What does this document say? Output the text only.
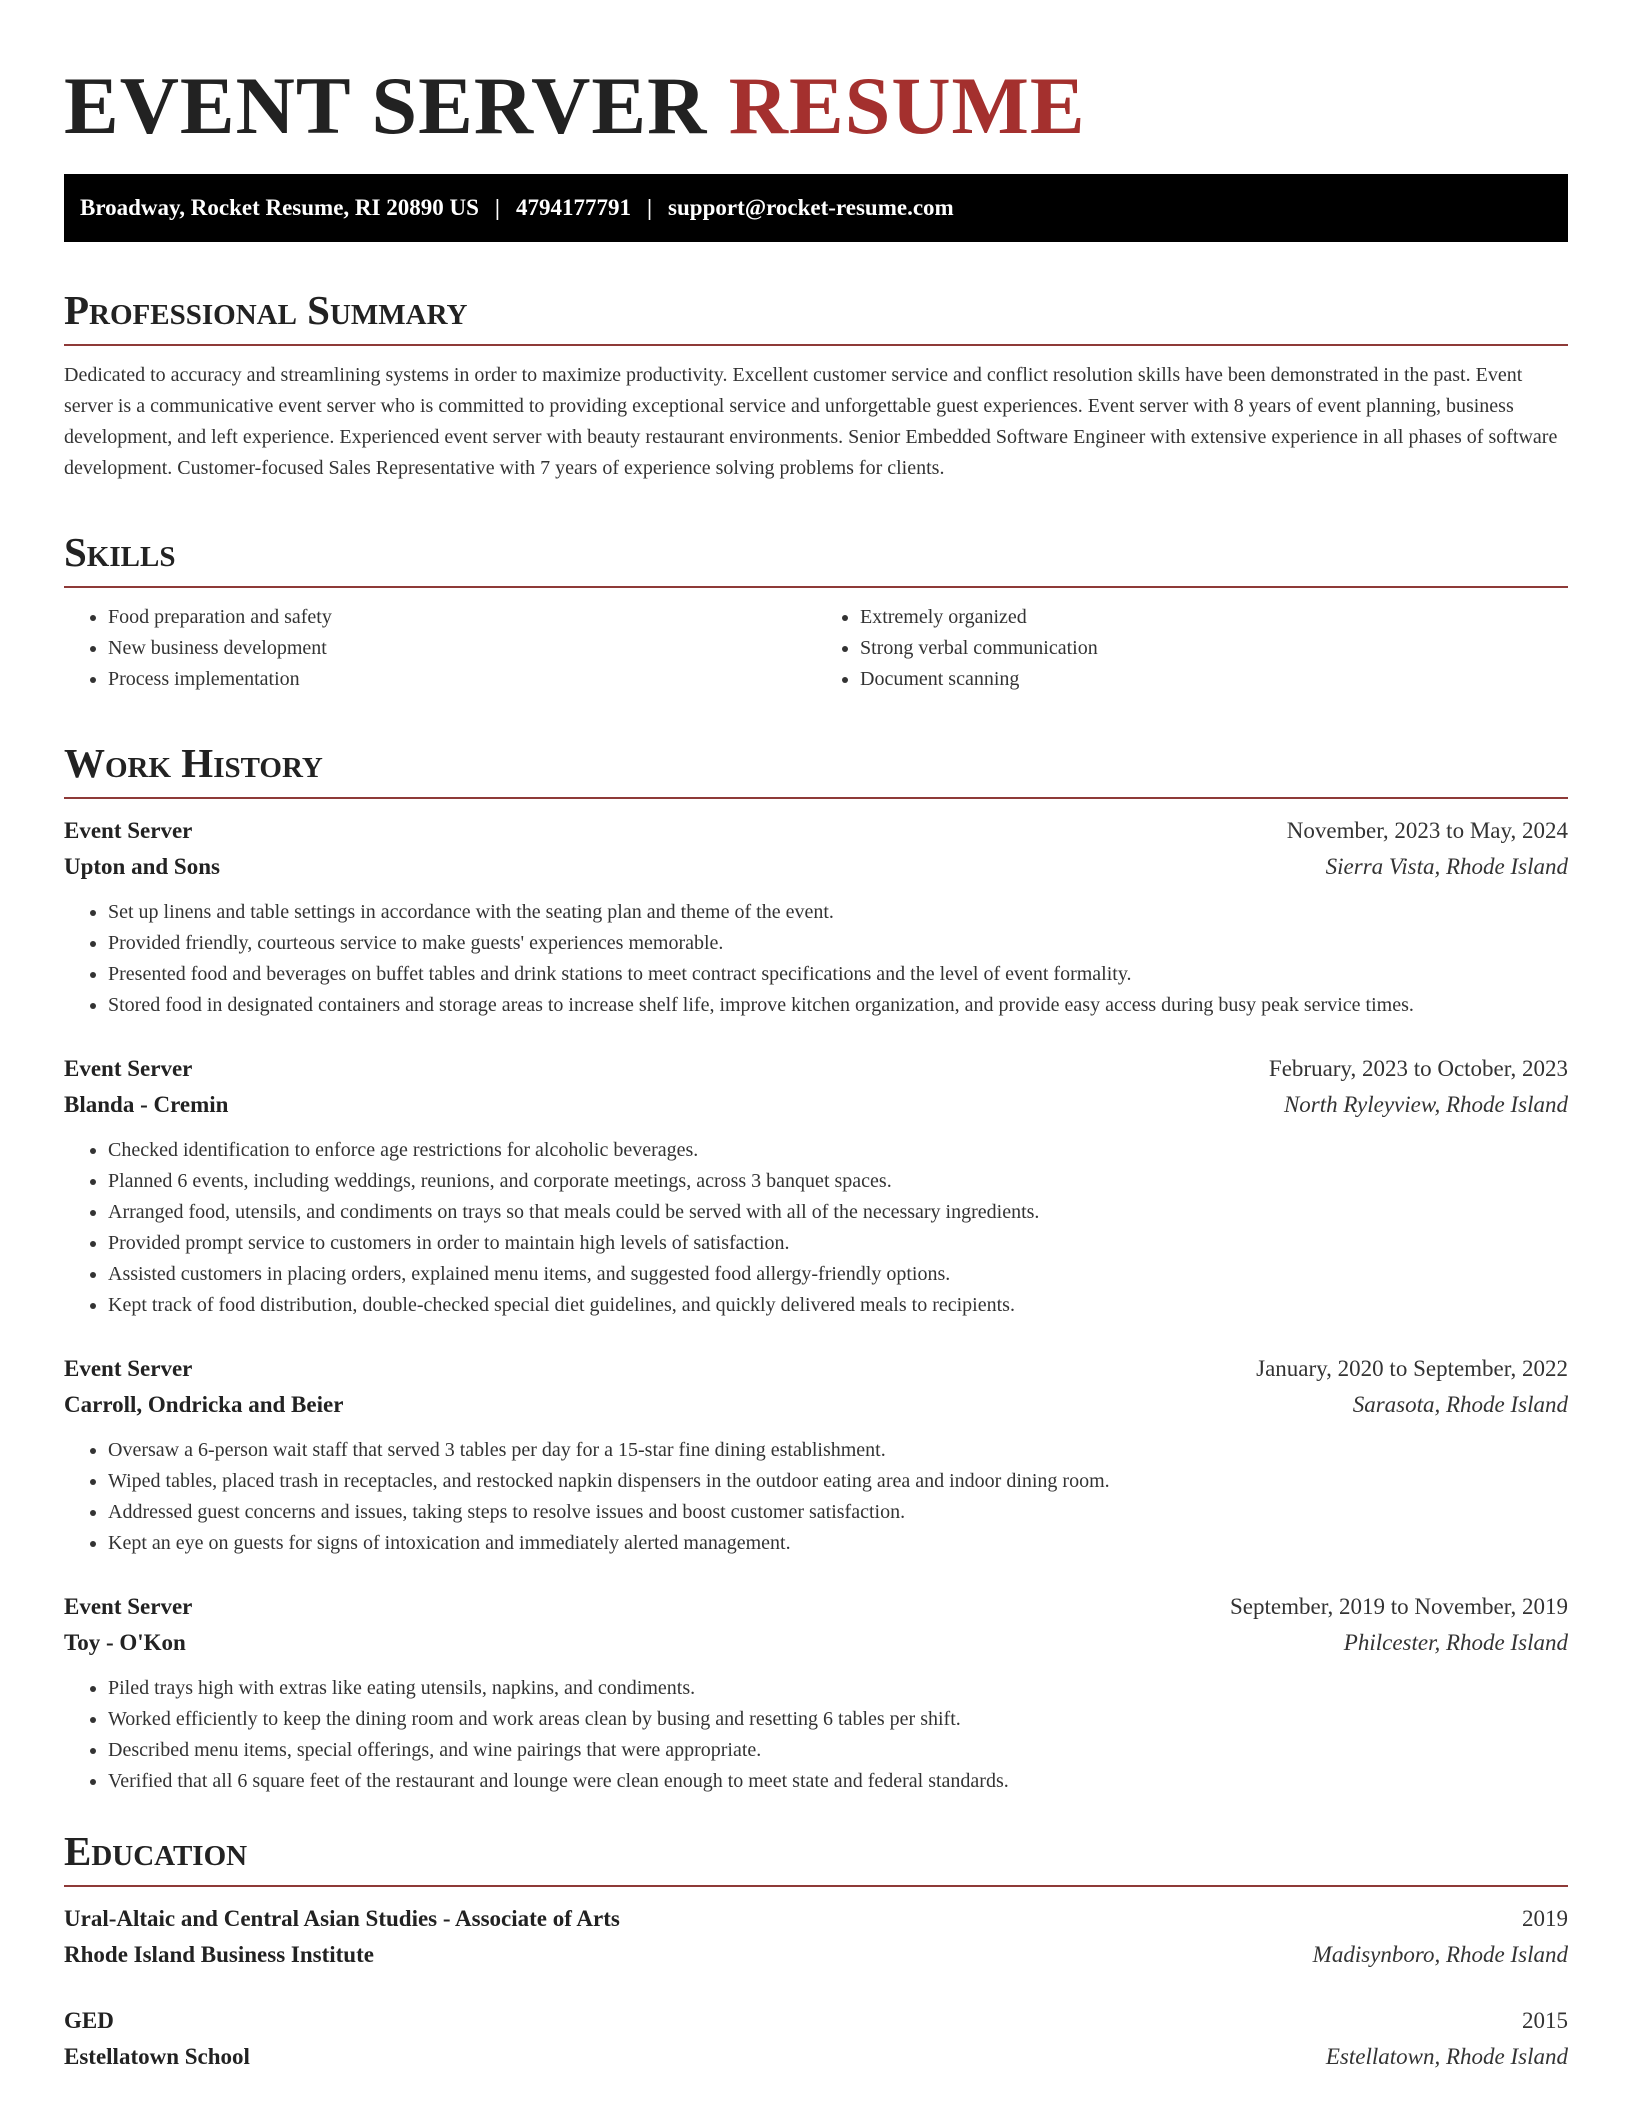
EVENT SERVER RESUME
Broadway, Rocket Resume, RI 20890 US | 4794177791 | support@rocket-resume.com
Professional Summary

Dedicated to accuracy and streamlining systems in order to maximize productivity. Excellent customer service and conflict resolution skills have been demonstrated in the past. Event server is a communicative event server who is committed to providing exceptional service and unforgettable guest experiences. Event server with 8 years of event planning, business development, and left experience. Experienced event server with beauty restaurant environments. Senior Embedded Software Engineer with extensive experience in all phases of software development. Customer-focused Sales Representative with 7 years of experience solving problems for clients.

Skills
• Food preparation and safety
• New business development
• Process implementation
• Extremely organized
• Strong verbal communication
• Document scanning
Work History
Event Server	November, 2023 to May, 2024
Upton and Sons	Sierra Vista, Rhode Island
• Set up linens and table settings in accordance with the seating plan and theme of the event.
• Provided friendly, courteous service to make guests' experiences memorable.
• Presented food and beverages on buffet tables and drink stations to meet contract specifications and the level of event formality.
• Stored food in designated containers and storage areas to increase shelf life, improve kitchen organization, and provide easy access during busy peak service times.
Event Server	February, 2023 to October, 2023
Blanda - Cremin	North Ryleyview, Rhode Island
• Checked identification to enforce age restrictions for alcoholic beverages.
• Planned 6 events, including weddings, reunions, and corporate meetings, across 3 banquet spaces.
• Arranged food, utensils, and condiments on trays so that meals could be served with all of the necessary ingredients.
• Provided prompt service to customers in order to maintain high levels of satisfaction.
• Assisted customers in placing orders, explained menu items, and suggested food allergy-friendly options.
• Kept track of food distribution, double-checked special diet guidelines, and quickly delivered meals to recipients.
Event Server	January, 2020 to September, 2022
Carroll, Ondricka and Beier	Sarasota, Rhode Island
• Oversaw a 6-person wait staff that served 3 tables per day for a 15-star fine dining establishment.
• Wiped tables, placed trash in receptacles, and restocked napkin dispensers in the outdoor eating area and indoor dining room.
• Addressed guest concerns and issues, taking steps to resolve issues and boost customer satisfaction.
• Kept an eye on guests for signs of intoxication and immediately alerted management.
Event Server	September, 2019 to November, 2019
Toy - O'Kon	Philcester, Rhode Island
• Piled trays high with extras like eating utensils, napkins, and condiments.
• Worked efficiently to keep the dining room and work areas clean by busing and resetting 6 tables per shift.
• Described menu items, special offerings, and wine pairings that were appropriate.
• Verified that all 6 square feet of the restaurant and lounge were clean enough to meet state and federal standards.
Education
Ural-Altaic and Central Asian Studies - Associate of Arts	2019
Rhode Island Business Institute	Madisynboro, Rhode Island
GED	2015
Estellatown School	Estellatown, Rhode Island
